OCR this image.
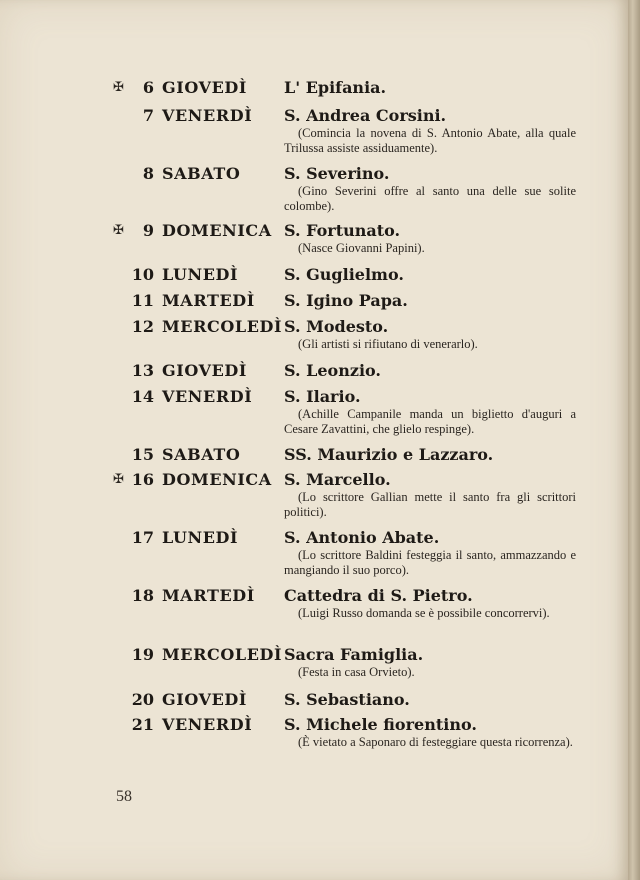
✠ 6 GIOVEDÌ L' Epifania.
7 VENERDÌ S. Andrea Corsini.
(Comincia la novena di S. Antonio Abate, alla quale Trilussa assiste assiduamente).
8 SABATO	S. Severino.
(Gino Severini offre al santo una delle sue solite colombe).
✠ 9 DOMENICA S. Fortunato.
(Nasce Giovanni Papini).
10 LUNEDÌ	S. Guglielmo.
11 MARTEDÌ S. Igino Papa.
12 MERCOLEDÌ S. Modesto.
(Gli artisti si rifiutano di venerarlo).
13 GIOVEDÌ S. Leonzio.
14 VENERDÌ S. Ilario.
(Achille Campanile manda un biglietto d'auguri a Cesare Zavattini, che glielo respinge).
15 SABATO	SS. Maurizio e Lazzaro.
✠ 16 DOMENICA S. Marcello.
(Lo scrittore Gallian mette il santo fra gli scrittori politici).
17 LUNEDÌ	S. Antonio Abate.
(Lo scrittore Baldini festeggia il santo, ammazzando e mangiando il suo porco).
18 MARTEDÌ Cattedra di S. Pietro.
(Luigi Russo domanda se è possibile concorrervi).
19 MERCOLEDÌ Sacra Famiglia.
(Festa in casa Orvieto).
20 GIOVEDÌ S. Sebastiano.
21 VENERDÌ S. Michele fiorentino.
(È vietato a Saponaro di festeggiare questa ricorrenza).
58
